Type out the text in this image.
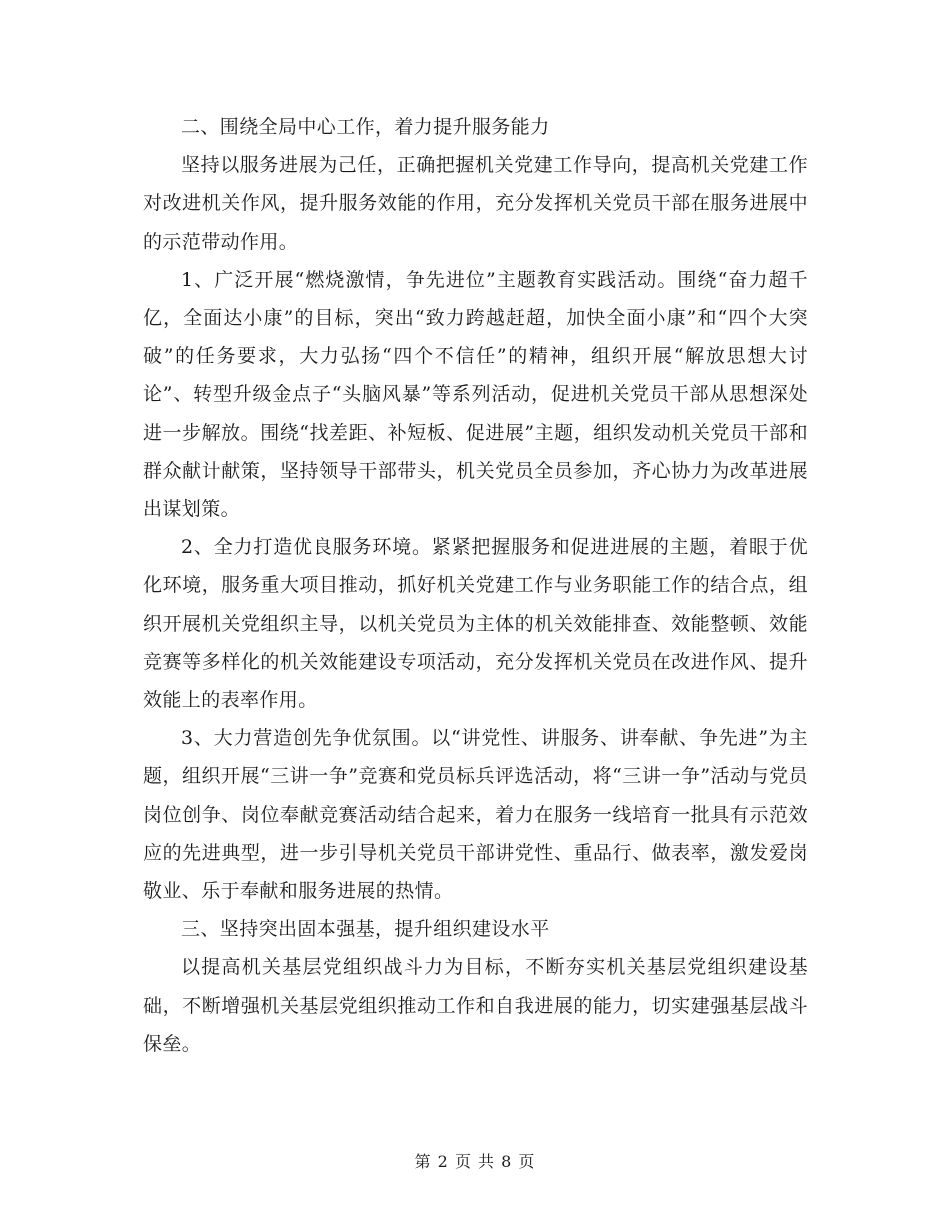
二、围绕全局中心工作，着力提升服务能力

坚持以服务进展为己任，正确把握机关党建工作导向，提高机关党建工作对改进机关作风，提升服务效能的作用，充分发挥机关党员干部在服务进展中的示范带动作用。

1、广泛开展“燃烧激情，争先进位”主题教育实践活动。围绕“奋力超千亿，全面达小康”的目标，突出“致力跨越赶超，加快全面小康”和“四个大突破”的任务要求，大力弘扬“四个不信任”的精神，组织开展“解放思想大讨论”、转型升级金点子“头脑风暴”等系列活动，促进机关党员干部从思想深处进一步解放。围绕“找差距、补短板、促进展”主题，组织发动机关党员干部和群众献计献策，坚持领导干部带头，机关党员全员参加，齐心协力为改革进展出谋划策。

2、全力打造优良服务环境。紧紧把握服务和促进进展的主题，着眼于优化环境，服务重大项目推动，抓好机关党建工作与业务职能工作的结合点，组织开展机关党组织主导，以机关党员为主体的机关效能排查、效能整顿、效能竞赛等多样化的机关效能建设专项活动，充分发挥机关党员在改进作风、提升效能上的表率作用。

3、大力营造创先争优氛围。以“讲党性、讲服务、讲奉献、争先进”为主题，组织开展“三讲一争”竞赛和党员标兵评选活动，将“三讲一争”活动与党员岗位创争、岗位奉献竞赛活动结合起来，着力在服务一线培育一批具有示范效应的先进典型，进一步引导机关党员干部讲党性、重品行、做表率，激发爱岗敬业、乐于奉献和服务进展的热情。

三、坚持突出固本强基，提升组织建设水平

以提高机关基层党组织战斗力为目标，不断夯实机关基层党组织建设基础，不断增强机关基层党组织推动工作和自我进展的能力，切实建强基层战斗保垒。

第 2 页 共 8 页
